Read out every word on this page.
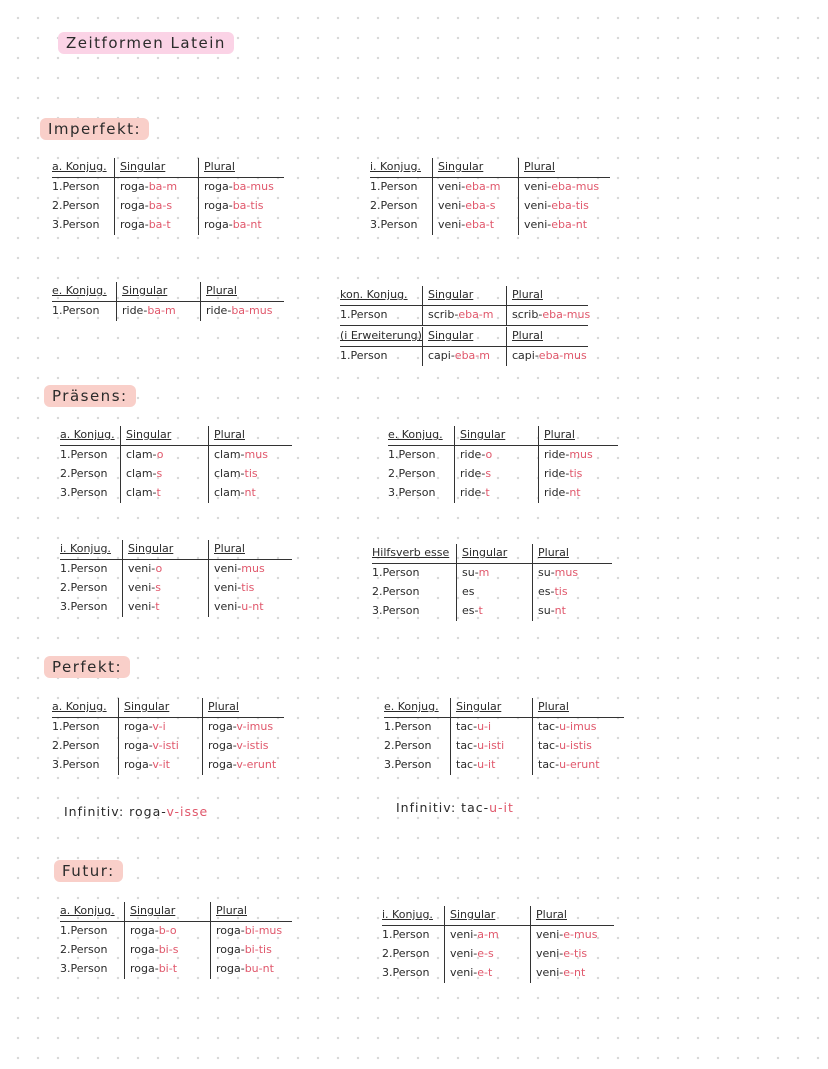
Zeitformen Latein
Imperfekt:
Präsens:
Perfekt:
Futur:
a. Konjug. Singular	Plural
1.Person roga-ba-m roga-ba-mus
2.Person roga-ba-s	roga-ba-tis
3.Person roga-ba-t	roga-ba-nt
i. Konjug. Singular	Plural
1.Person veni-eba-m veni-eba-mus
2.Person veni-eba-s	veni-eba-tis
3.Person veni-eba-t	veni-eba-nt
e. Konjug. Singular	Plural
1.Person ride-ba-m	ride-ba-mus
kon. Konjug. Singular	Plural
1.Person	scrib-eba-m scrib-eba-mus
(i Erweiterung) Singular	Plural
1.Person	capi-eba-m capi-eba-mus
a. Konjug. Singular	Plural
1.Person clam-o	clam-mus
2.Person clam-s	clam-tis
3.Person clam-t	clam-nt
e. Konjug. Singular	Plural
1.Person ride-o	ride-mus
2.Person ride-s	ride-tis
3.Person ride-t	ride-nt
i. Konjug. Singular	Plural
1.Person veni-o	veni-mus
2.Person veni-s	veni-tis
3.Person veni-t	veni-u-nt
Hilfsverb esse Singular	Plural
1.Person	su-m	su-mus
2.Person	es	es-tis
3.Person	es-t	su-nt
a. Konjug. Singular	Plural
1.Person roga-v-i	roga-v-imus
2.Person roga-v-isti	roga-v-istis
3.Person roga-v-it	roga-v-erunt
e. Konjug. Singular	Plural
1.Person tac-u-i	tac-u-imus
2.Person tac-u-isti	tac-u-istis
3.Person tac-u-it	tac-u-erunt
a. Konjug. Singular	Plural
1.Person roga-b-o	roga-bi-mus
2.Person roga-bi-s	roga-bi-tis
3.Person roga-bi-t	roga-bu-nt
i. Konjug. Singular	Plural
1.Person veni-a-m	veni-e-mus
2.Person veni-e-s	veni-e-tis
3.Person veni-e-t	veni-e-nt
Infinitiv: roga-v-isse	Infinitiv: tac-u-it
